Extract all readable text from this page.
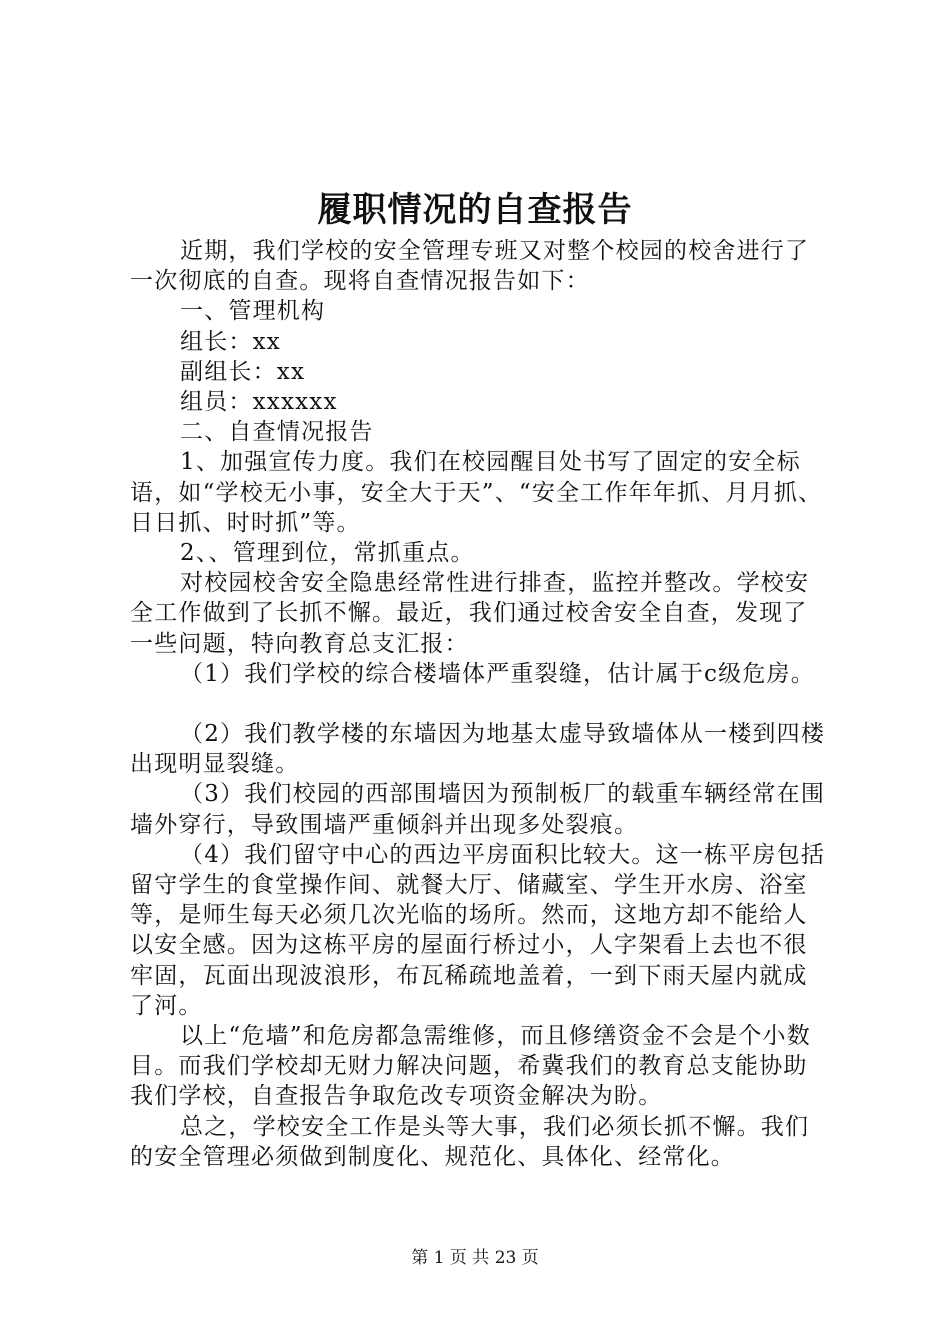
履职情况的自查报告

近期，我们学校的安全管理专班又对整个校园的校舍进行了一次彻底的自查。现将自查情况报告如下：

一、管理机构

组长：xx

副组长：xx

组员：xxxxxx

二、自查情况报告

1、加强宣传力度。我们在校园醒目处书写了固定的安全标语，如“学校无小事，安全大于天”、“安全工作年年抓、月月抓、日日抓、时时抓”等。

2、、管理到位，常抓重点。

对校园校舍安全隐患经常性进行排查，监控并整改。学校安全工作做到了长抓不懈。最近，我们通过校舍安全自查，发现了一些问题，特向教育总支汇报：

（1）我们学校的综合楼墙体严重裂缝，估计属于c级危房。

（2）我们教学楼的东墙因为地基太虚导致墙体从一楼到四楼出现明显裂缝。

（3）我们校园的西部围墙因为预制板厂的载重车辆经常在围墙外穿行，导致围墙严重倾斜并出现多处裂痕。

（4）我们留守中心的西边平房面积比较大。这一栋平房包括留守学生的食堂操作间、就餐大厅、储藏室、学生开水房、浴室等，是师生每天必须几次光临的场所。然而，这地方却不能给人以安全感。因为这栋平房的屋面行桥过小，人字架看上去也不很牢固，瓦面出现波浪形，布瓦稀疏地盖着，一到下雨天屋内就成了河。

以上“危墙”和危房都急需维修，而且修缮资金不会是个小数目。而我们学校却无财力解决问题，希冀我们的教育总支能协助我们学校，自查报告争取危改专项资金解决为盼。

总之，学校安全工作是头等大事，我们必须长抓不懈。我们的安全管理必须做到制度化、规范化、具体化、经常化。

第 1 页 共 23 页
